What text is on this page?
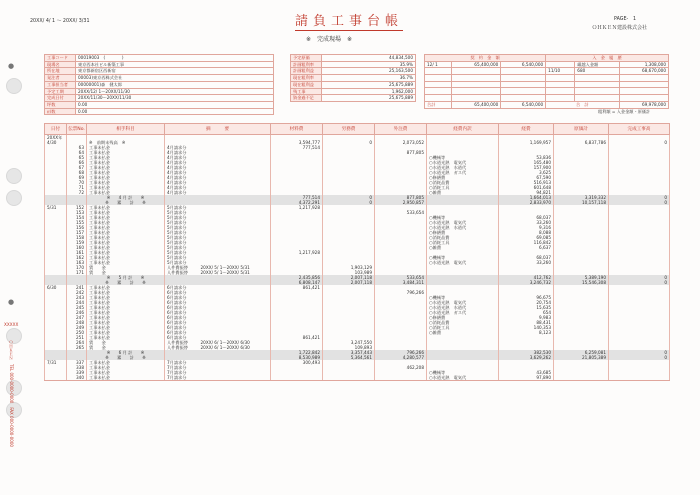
●
●
XXXXX
ＯＨＫＥＮ　TEL 000-0000-0000　FAX 000-0000-0000
20XX/ 4/ 1 ～ 20XX/ 3/31	請負工事台帳
※　完成現場　※
PAGE-　1
ＯＨＫＥＮ建設株式会社
工事コード	00019003　(　　　　)
現場名	東京西本社ビル新築工事
所在地	東京都新宿区西新宿
発注者	00003)東京西株式会社
工事担当者	00000001)森　健太郎
予定工期	20XX/12/ 1～20XX/11/30
完成日付	20XX/11/30～20XX/11/30
坪数	0.00
㎡数	0.00
予定原価	44,834,500
計画粗利率	35.9%
計画粗利益	25,163,500
現在粗利率	36.7%
現在粗利益	25,675,889
残工事	1,962,000
資金過不足	25,675,889
契　約　金　額			入　金　履　歴		
12/ 1	65,400,000	6,540,000		繰越入金額	1,308,000
			11/10	680	68,670,000

合計	65,400,000	6,540,000	合　計		69,978,000
粗利額 = 入金金額 - 原価計
日付	伝票No.	相手科目	摘　　　要	材料費	労務費	外注費	経費内訳	経費	原価計	完成工事高
20XX年										
4/30		※　前期末残高　※		3,594,777	0	2,073,052		1,169,957	6,837,786	0
	63	工事未払金	4月請求分	777,514						
	64	工事未払金	4月請求分			877,805				
	65	工事未払金	4月請求分				○機械等	53,836		
	66	工事未払金	4月請求分				○水道光熱　電気代	165,480		
	67	工事未払金	4月請求分				○水道光熱　水道代	157,900		
	68	工事未払金	4月請求分				○水道光熱　ガス代	3,625		
	69	工事未払金	4月請求分				○修繕費	67,590		
	70	工事未払金	4月請求分				○消耗品費	516,913		
	71	工事未払金	4月請求分				○消耗工具	601,648		
	72	工事未払金	4月請求分				○雑費	94,821		
		※　　4 月 計　　※		777,514	0	877,805		1,664,013	3,319,332	0
		※　　累　　計　　※		4,372,291	0	2,950,857		2,833,970	10,157,118	0
5/31	152	工事未払金	5月請求分	1,217,928						
	153	工事未払金	5月請求分			533,654				
	154	工事未払金	5月請求分				○機械等	68,037		
	155	工事未払金	5月請求分				○水道光熱　電気代	33,260		
	156	工事未払金	5月請求分				○水道光熱　水道代	9,316		
	157	工事未払金	5月請求分				○修繕費	8,088		
	158	工事未払金	5月請求分				○消耗品費	69,085		
	159	工事未払金	5月請求分				○消耗工具	116,842		
	160	工事未払金	5月請求分				○雑費	6,637		
	161	工事未払金	5月請求分	1,217,928						
	162	工事未払金	5月請求分				○機械等	68,037		
	163	工事未払金	5月請求分				○水道光熱　電気代	33,260		
	170	賃　　金	人件費振替　　　20XX/ 5/ 1～20XX/ 5/31		1,903,129					
	171	賃　　金	人件費振替　　　20XX/ 5/ 1～20XX/ 5/31		103,989					
		※　　5 月 計　　※		2,435,856	2,007,118	533,654		412,762	5,389,190	0
		※　　累　　計　　※		6,808,147	2,007,118	3,484,311		3,246,732	15,546,308	0
6/30	241	工事未払金	6月請求分	861,421						
	242	工事未払金	6月請求分			796,266				
	243	工事未払金	6月請求分				○機械等	96,675		
	244	工事未払金	6月請求分				○水道光熱　電気代	20,754		
	245	工事未払金	6月請求分				○水道光熱　水道代	15,635		
	246	工事未払金	6月請求分				○水道光熱　ガス代	654		
	247	工事未払金	6月請求分				○修繕費	9,983		
	248	工事未払金	6月請求分				○消耗品費	88,431		
	249	工事未払金	6月請求分				○消耗工具	140,353		
	250	工事未払金	6月請求分				○雑費	8,123		
	251	工事未払金	6月請求分	861,421						
	264	賃　　金	人件費振替　　　20XX/ 6/ 1～20XX/ 6/30		3,247,550					
	265	賃　　金	人件費振替　　　20XX/ 6/ 1～20XX/ 6/30		109,893					
		※　　6 月 計　　※		1,722,842	3,357,443	796,266		382,530	6,259,081	0
		※　　累　　計　　※		8,530,989	5,364,561	4,280,577		3,629,262	21,805,389	0
7/31	337	工事未払金	7月請求分	300,493						
	338	工事未払金	7月請求分			462,208				
	339	工事未払金	7月請求分				○機械等	43,685		
	340	工事未払金	7月請求分				○水道光熱　電気代	97,890		
